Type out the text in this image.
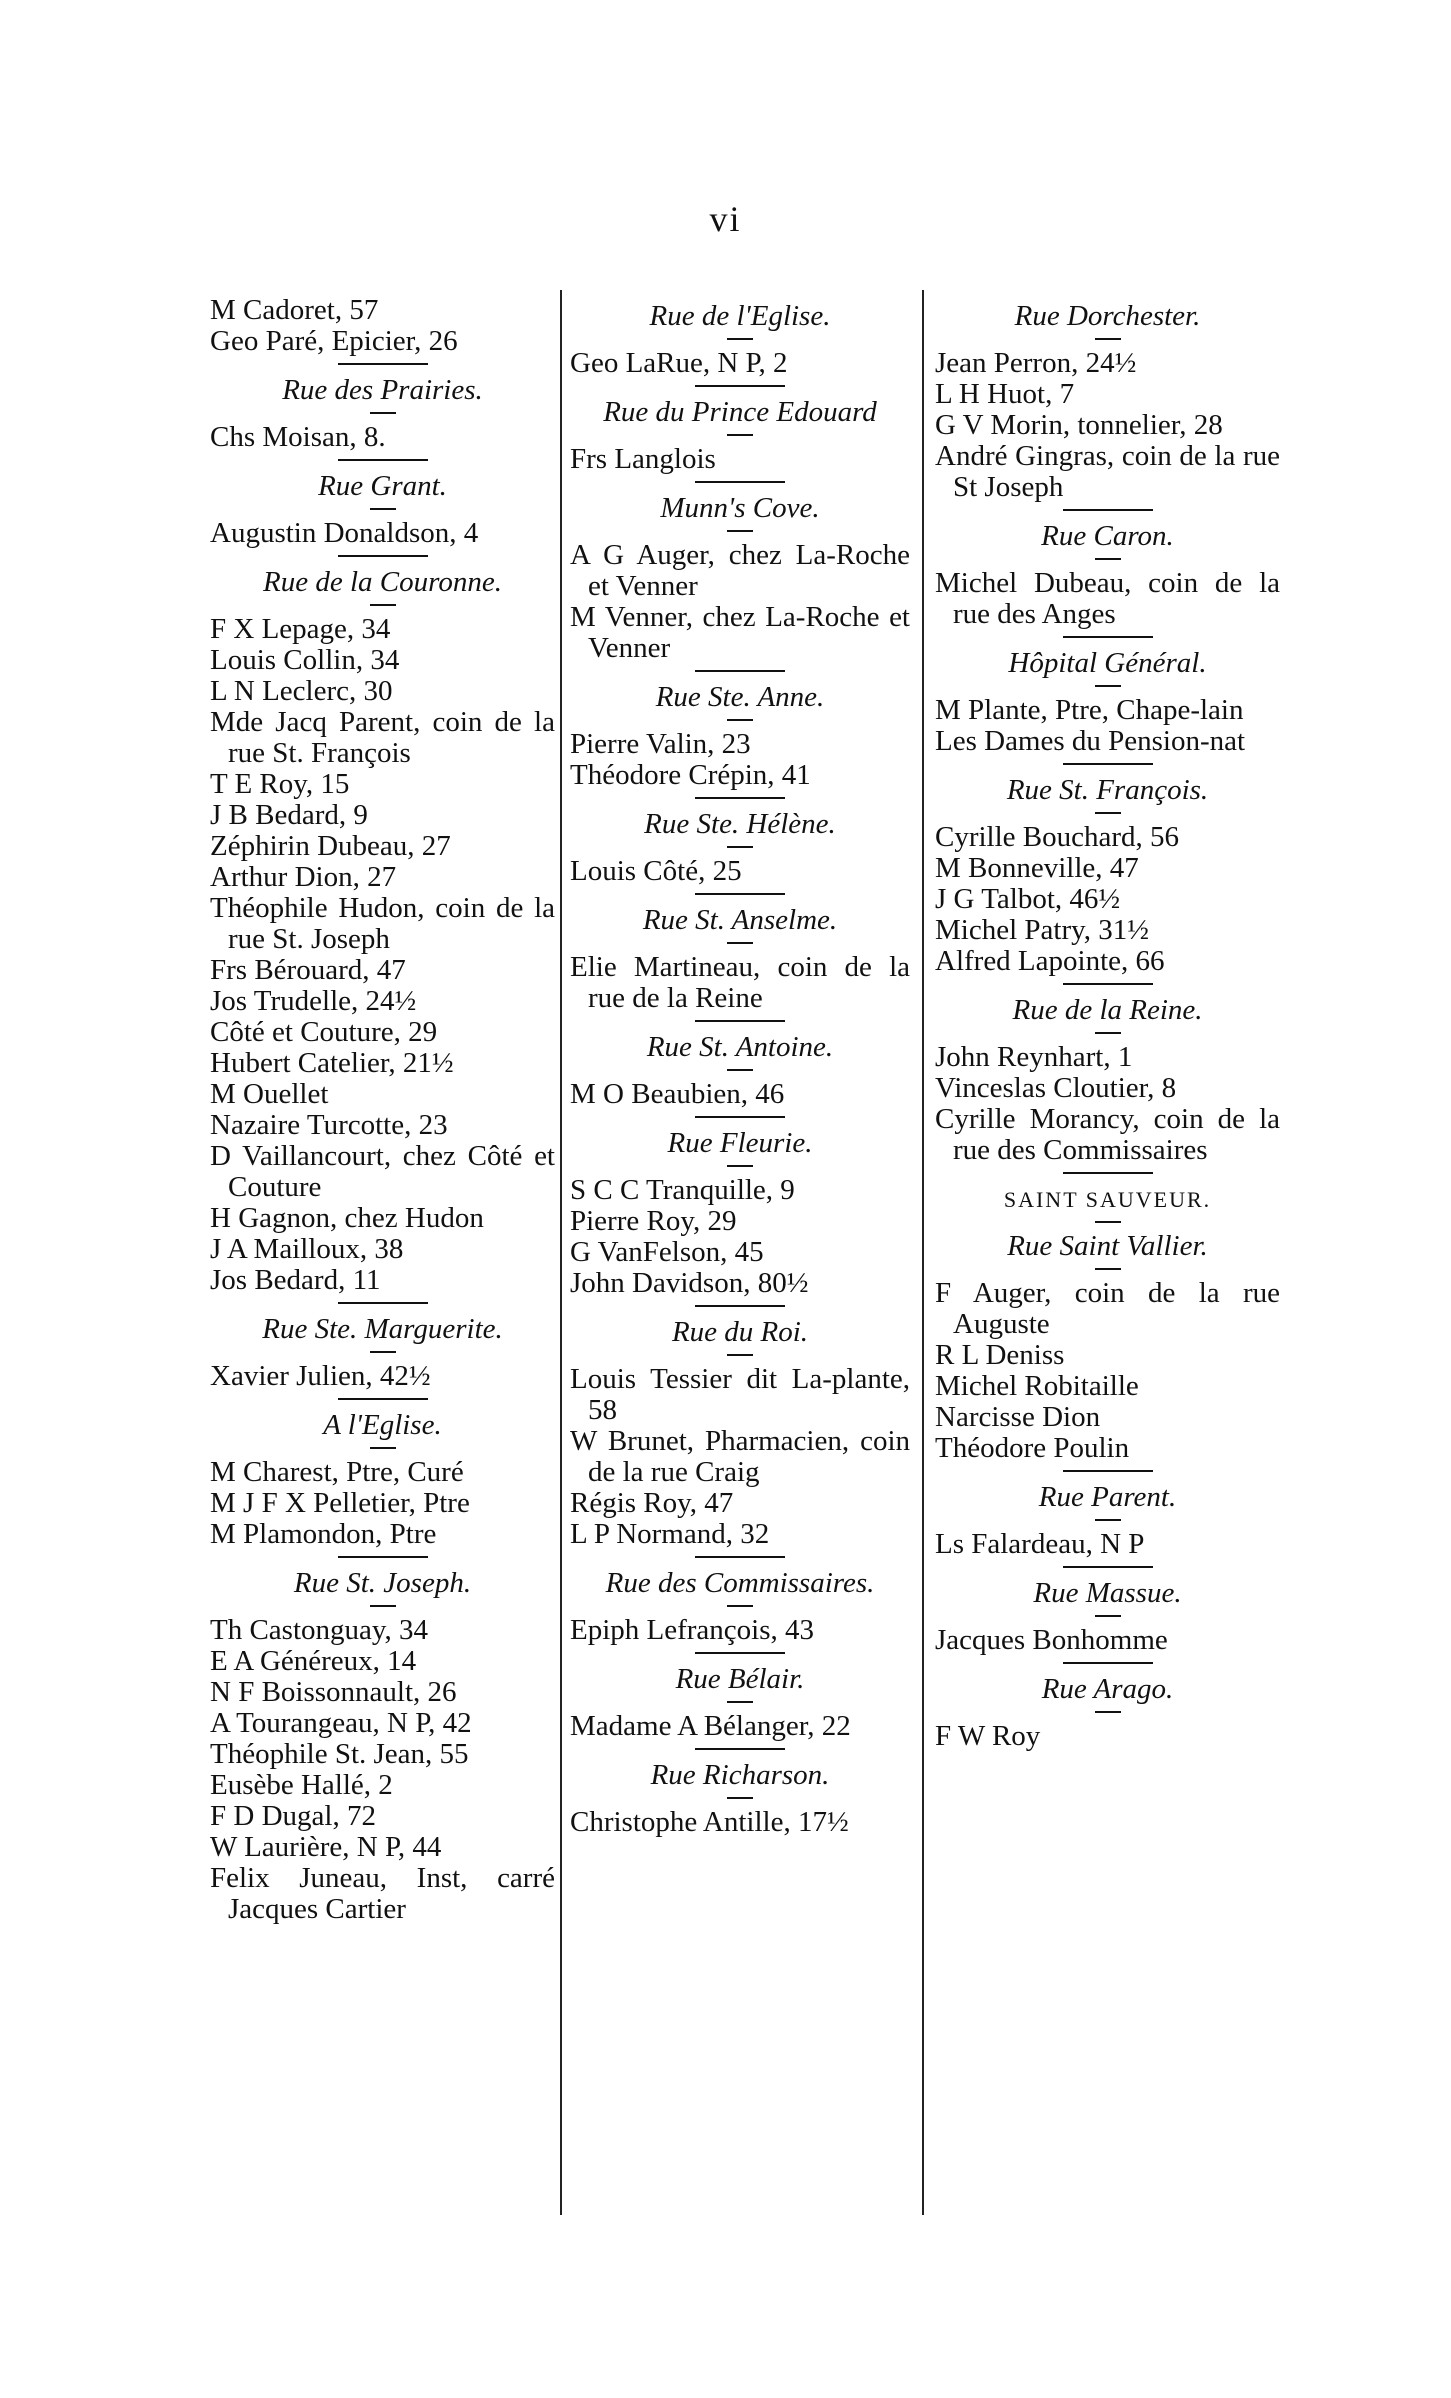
vi
M Cadoret, 57
Geo Paré, Epicier, 26
Rue des Prairies.
Chs Moisan, 8.
Rue Grant.
Augustin Donaldson, 4
Rue de la Couronne.
F X Lepage, 34
Louis Collin, 34
L N Leclerc, 30
Mde Jacq Parent, coin de la rue St. François
T E Roy, 15
J B Bedard, 9
Zéphirin Dubeau, 27
Arthur Dion, 27
Théophile Hudon, coin de la rue St. Joseph
Frs Bérouard, 47
Jos Trudelle, 24½
Côté et Couture, 29
Hubert Catelier, 21½
M Ouellet
Nazaire Turcotte, 23
D Vaillancourt, chez Côté et Couture
H Gagnon, chez Hudon
J A Mailloux, 38
Jos Bedard, 11
Rue Ste. Marguerite.
Xavier Julien, 42½
A l'Eglise.
M Charest, Ptre, Curé
M J F X Pelletier, Ptre
M Plamondon, Ptre
Rue St. Joseph.
Th Castonguay, 34
E A Généreux, 14
N F Boissonnault, 26
A Tourangeau, N P, 42
Théophile St. Jean, 55
Eusèbe Hallé, 2
F D Dugal, 72
W Laurière, N P, 44
Felix Juneau, Inst, carré Jacques Cartier
Rue de l'Eglise.
Geo LaRue, N P, 2
Rue du Prince Edouard
Frs Langlois
Munn's Cove.
A G Auger, chez La-Roche et Venner
M Venner, chez La-Roche et Venner
Rue Ste. Anne.
Pierre Valin, 23
Théodore Crépin, 41
Rue Ste. Hélène.
Louis Côté, 25
Rue St. Anselme.
Elie Martineau, coin de la rue de la Reine
Rue St. Antoine.
M O Beaubien, 46
Rue Fleurie.
S C C Tranquille, 9
Pierre Roy, 29
G VanFelson, 45
John Davidson, 80½
Rue du Roi.
Louis Tessier dit La-plante, 58
W Brunet, Pharmacien, coin de la rue Craig
Régis Roy, 47
L P Normand, 32
Rue des Commissaires.
Epiph Lefrançois, 43
Rue Bélair.
Madame A Bélanger, 22
Rue Richarson.
Christophe Antille, 17½
Rue Dorchester.
Jean Perron, 24½
L H Huot, 7
G V Morin, tonnelier, 28
André Gingras, coin de la rue St Joseph
Rue Caron.
Michel Dubeau, coin de la rue des Anges
Hôpital Général.
M Plante, Ptre, Chape-lain
Les Dames du Pension-nat
Rue St. François.
Cyrille Bouchard, 56
M Bonneville, 47
J G Talbot, 46½
Michel Patry, 31½
Alfred Lapointe, 66
Rue de la Reine.
John Reynhart, 1
Vinceslas Cloutier, 8
Cyrille Morancy, coin de la rue des Commissaires
SAINT SAUVEUR.
Rue Saint Vallier.
F Auger, coin de la rue Auguste
R L Deniss
Michel Robitaille
Narcisse Dion
Théodore Poulin
Rue Parent.
Ls Falardeau, N P
Rue Massue.
Jacques Bonhomme
Rue Arago.
F W Roy
